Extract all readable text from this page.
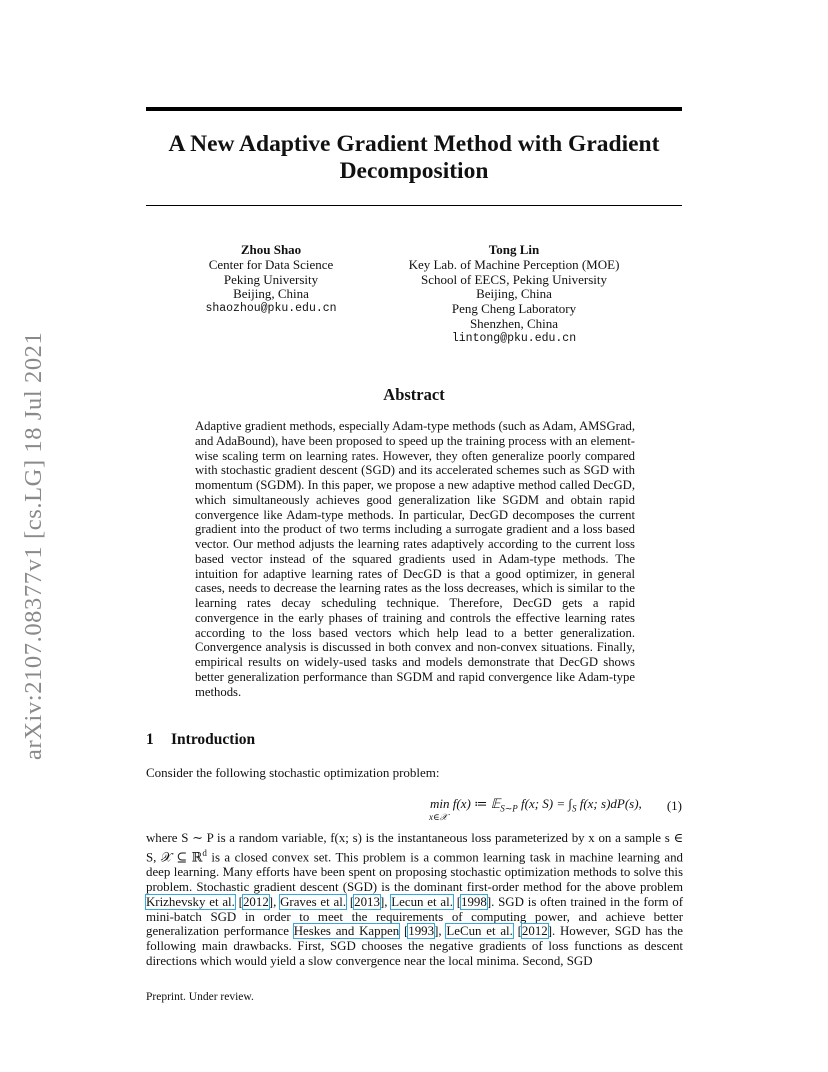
arXiv:2107.08377v1 [cs.LG] 18 Jul 2021
A New Adaptive Gradient Method with Gradient Decomposition
Zhou Shao
Center for Data Science
Peking University
Beijing, China
shaozhou@pku.edu.cn
Tong Lin
Key Lab. of Machine Perception (MOE)
School of EECS, Peking University
Beijing, China
Peng Cheng Laboratory
Shenzhen, China
lintong@pku.edu.cn
Abstract

Adaptive gradient methods, especially Adam-type methods (such as Adam, AMSGrad, and AdaBound), have been proposed to speed up the training process with an element-wise scaling term on learning rates. However, they often generalize poorly compared with stochastic gradient descent (SGD) and its accelerated schemes such as SGD with momentum (SGDM). In this paper, we propose a new adaptive method called DecGD, which simultaneously achieves good generalization like SGDM and obtain rapid convergence like Adam-type methods. In particular, DecGD decomposes the current gradient into the product of two terms including a surrogate gradient and a loss based vector. Our method adjusts the learning rates adaptively according to the current loss based vector instead of the squared gradients used in Adam-type methods. The intuition for adaptive learning rates of DecGD is that a good optimizer, in general cases, needs to decrease the learning rates as the loss decreases, which is similar to the learning rates decay scheduling technique. Therefore, DecGD gets a rapid convergence in the early phases of training and controls the effective learning rates according to the loss based vectors which help lead to a better generalization. Convergence analysis is discussed in both convex and non-convex situations. Finally, empirical results on widely-used tasks and models demonstrate that DecGD shows better generalization performance than SGDM and rapid convergence like Adam-type methods.

1 Introduction

Consider the following stochastic optimization problem:

min f(x) ≔ 𝔼$_{S\sim P}$ f(x; $S) = \int_S$ f(x; s)dP(s),
x∈𝒳
(1)

where S ∼ P is a random variable, f(x; s) is the instantaneous loss parameterized by x on a sample s ∈ S, 𝒳 ⊆ ℝ$^d$ is a closed convex set. This problem is a common learning task in machine learning and deep learning. Many efforts have been spent on proposing stochastic optimization methods to solve this problem. Stochastic gradient descent (SGD) is the dominant first-order method for the above problem Krizhevsky et al. [2012], Graves et al. [2013], Lecun et al. [1998]. SGD is often trained in the form of mini-batch SGD in order to meet the requirements of computing power, and achieve better generalization performance Heskes and Kappen [1993], LeCun et al. [2012]. However, SGD has the following main drawbacks. First, SGD chooses the negative gradients of loss functions as descent directions which would yield a slow convergence near the local minima. Second, SGD

Preprint. Under review.
